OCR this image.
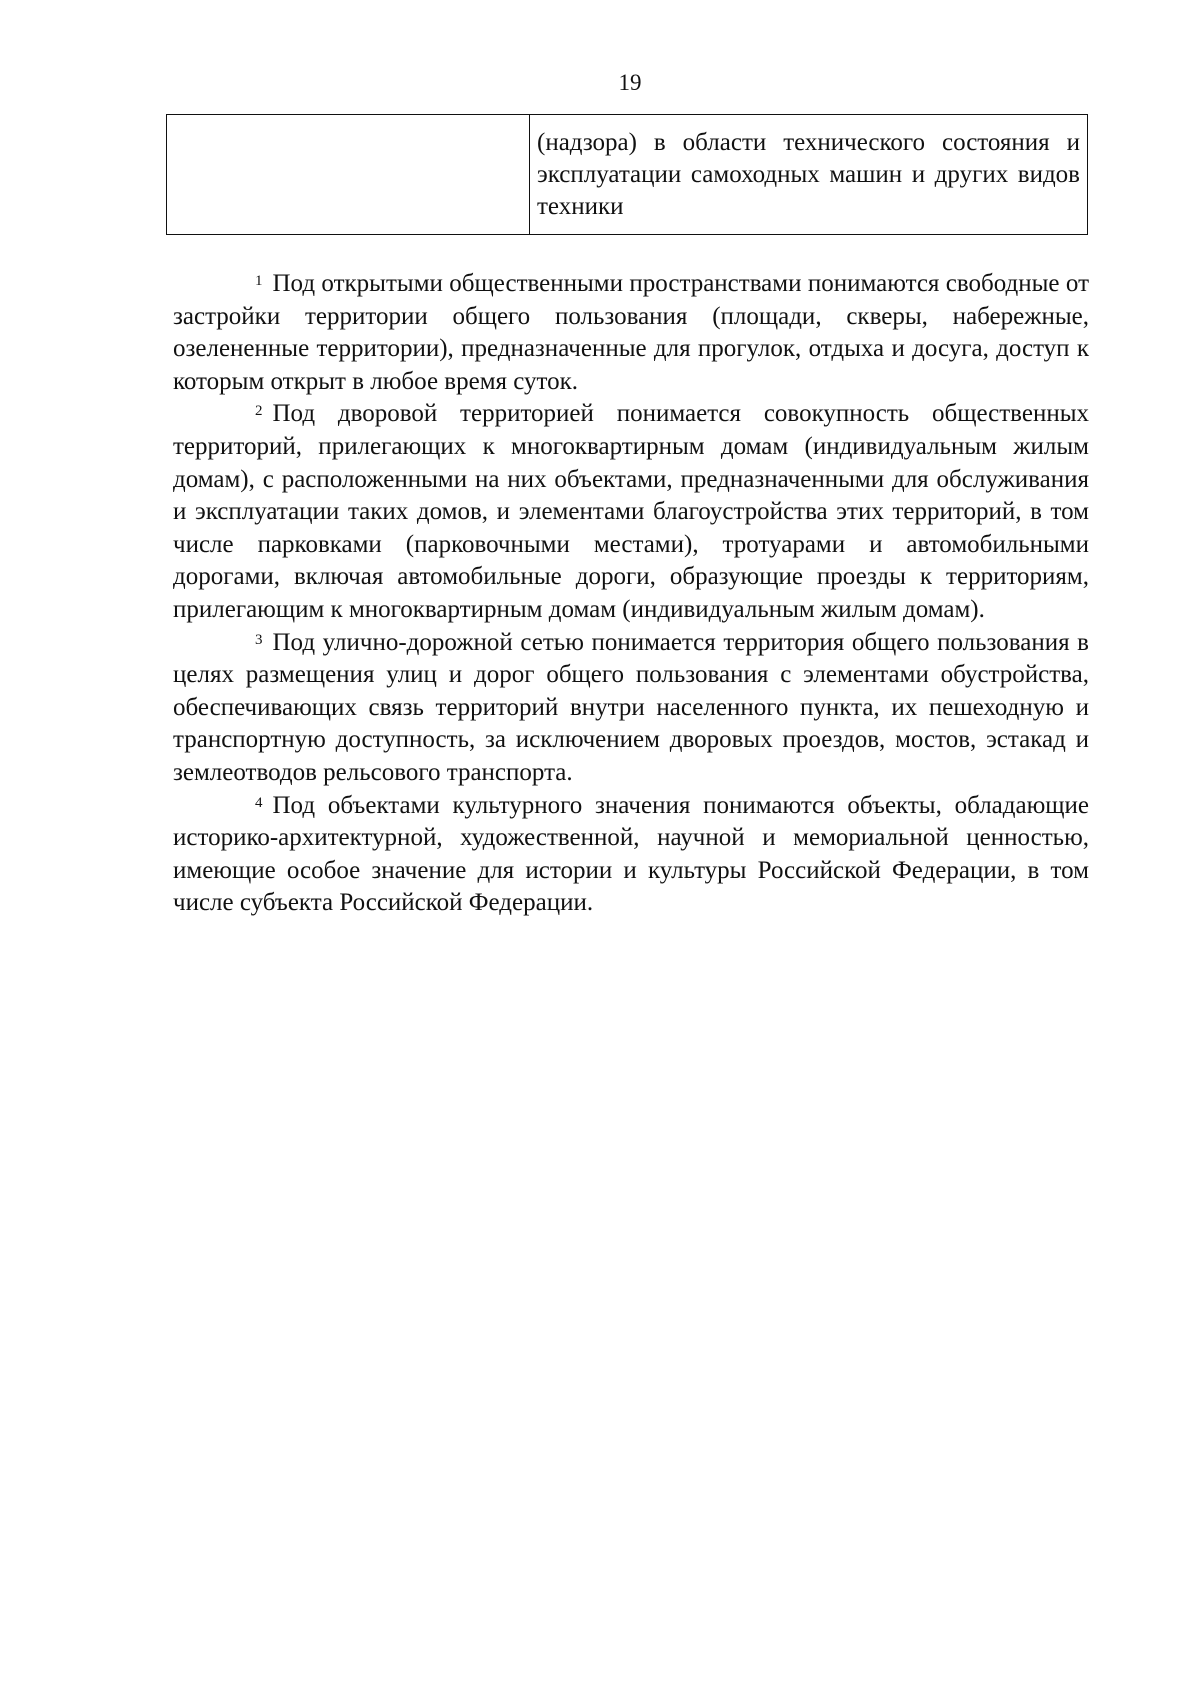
19
	(надзора) в области технического состояния и эксплуатации самоходных машин и других видов техники

$^1$ Под открытыми общественными пространствами понимаются свободные от застройки территории общего пользования (площади, скверы, набережные, озелененные территории), предназначенные для прогулок, отдыха и досуга, доступ к которым открыт в любое время суток.

$^2$ Под дворовой территорией понимается совокупность общественных территорий, прилегающих к многоквартирным домам (индивидуальным жилым домам), с расположенными на них объектами, предназначенными для обслуживания и эксплуатации таких домов, и элементами благоустройства этих территорий, в том числе парковками (парковочными местами), тротуарами и автомобильными дорогами, включая автомобильные дороги, образующие проезды к территориям, прилегающим к многоквартирным домам (индивидуальным жилым домам).

$^3$ Под улично-дорожной сетью понимается территория общего пользования в целях размещения улиц и дорог общего пользования с элементами обустройства, обеспечивающих связь территорий внутри населенного пункта, их пешеходную и транспортную доступность, за исключением дворовых проездов, мостов, эстакад и землеотводов рельсового транспорта.

$^4$ Под объектами культурного значения понимаются объекты, обладающие историко-архитектурной, художественной, научной и мемориальной ценностью, имеющие особое значение для истории и культуры Российской Федерации, в том числе субъекта Российской Федерации.
